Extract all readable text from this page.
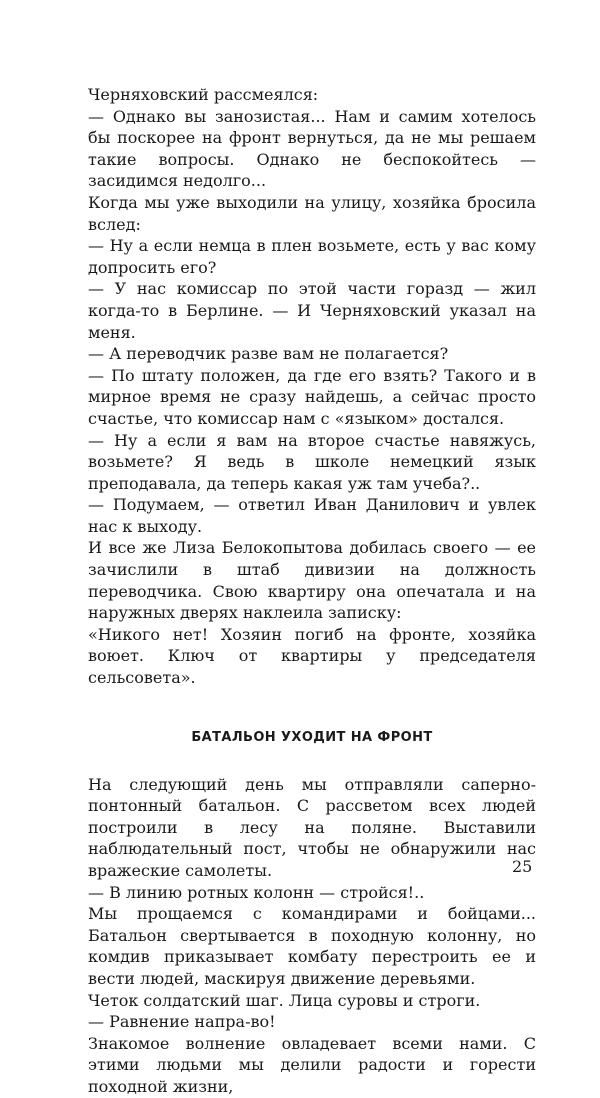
Черняховский рассмеялся:

— Однако вы занозистая... Нам и самим хотелось бы поскорее на фронт вернуться, да не мы решаем такие вопросы. Однако не беспокойтесь — засидимся недолго...

Когда мы уже выходили на улицу, хозяйка бросила вслед:

— Ну а если немца в плен возьмете, есть у вас кому допросить его?

— У нас комиссар по этой части горазд — жил когда-то в Берлине. — И Черняховский указал на меня.

— А переводчик разве вам не полагается?

— По штату положен, да где его взять? Такого и в мирное время не сразу найдешь, а сейчас просто счастье, что комиссар нам с «языком» достался.

— Ну а если я вам на второе счастье навяжусь, возьмете? Я ведь в школе немецкий язык преподавала, да теперь какая уж там учеба?..

— Подумаем, — ответил Иван Данилович и увлек нас к выходу.

И все же Лиза Белокопытова добилась своего — ее зачислили в штаб дивизии на должность переводчика. Свою квартиру она опечатала и на наружных дверях наклеила записку:

«Никого нет! Хозяин погиб на фронте, хозяйка воюет. Ключ от квартиры у председателя сельсовета».

БАТАЛЬОН УХОДИТ НА ФРОНТ

На следующий день мы отправляли саперно-понтонный батальон. С рассветом всех людей построили в лесу на поляне. Выставили наблюдательный пост, чтобы не обнаружили нас вражеские самолеты.

— В линию ротных колонн — стройся!..

Мы прощаемся с командирами и бойцами... Батальон свертывается в походную колонну, но комдив приказывает комбату перестроить ее и вести людей, маскируя движение деревьями.

Четок солдатский шаг. Лица суровы и строги.

— Равнение напра-во!

Знакомое волнение овладевает всеми нами. С этими людьми мы делили радости и горести походной жизни,

25
